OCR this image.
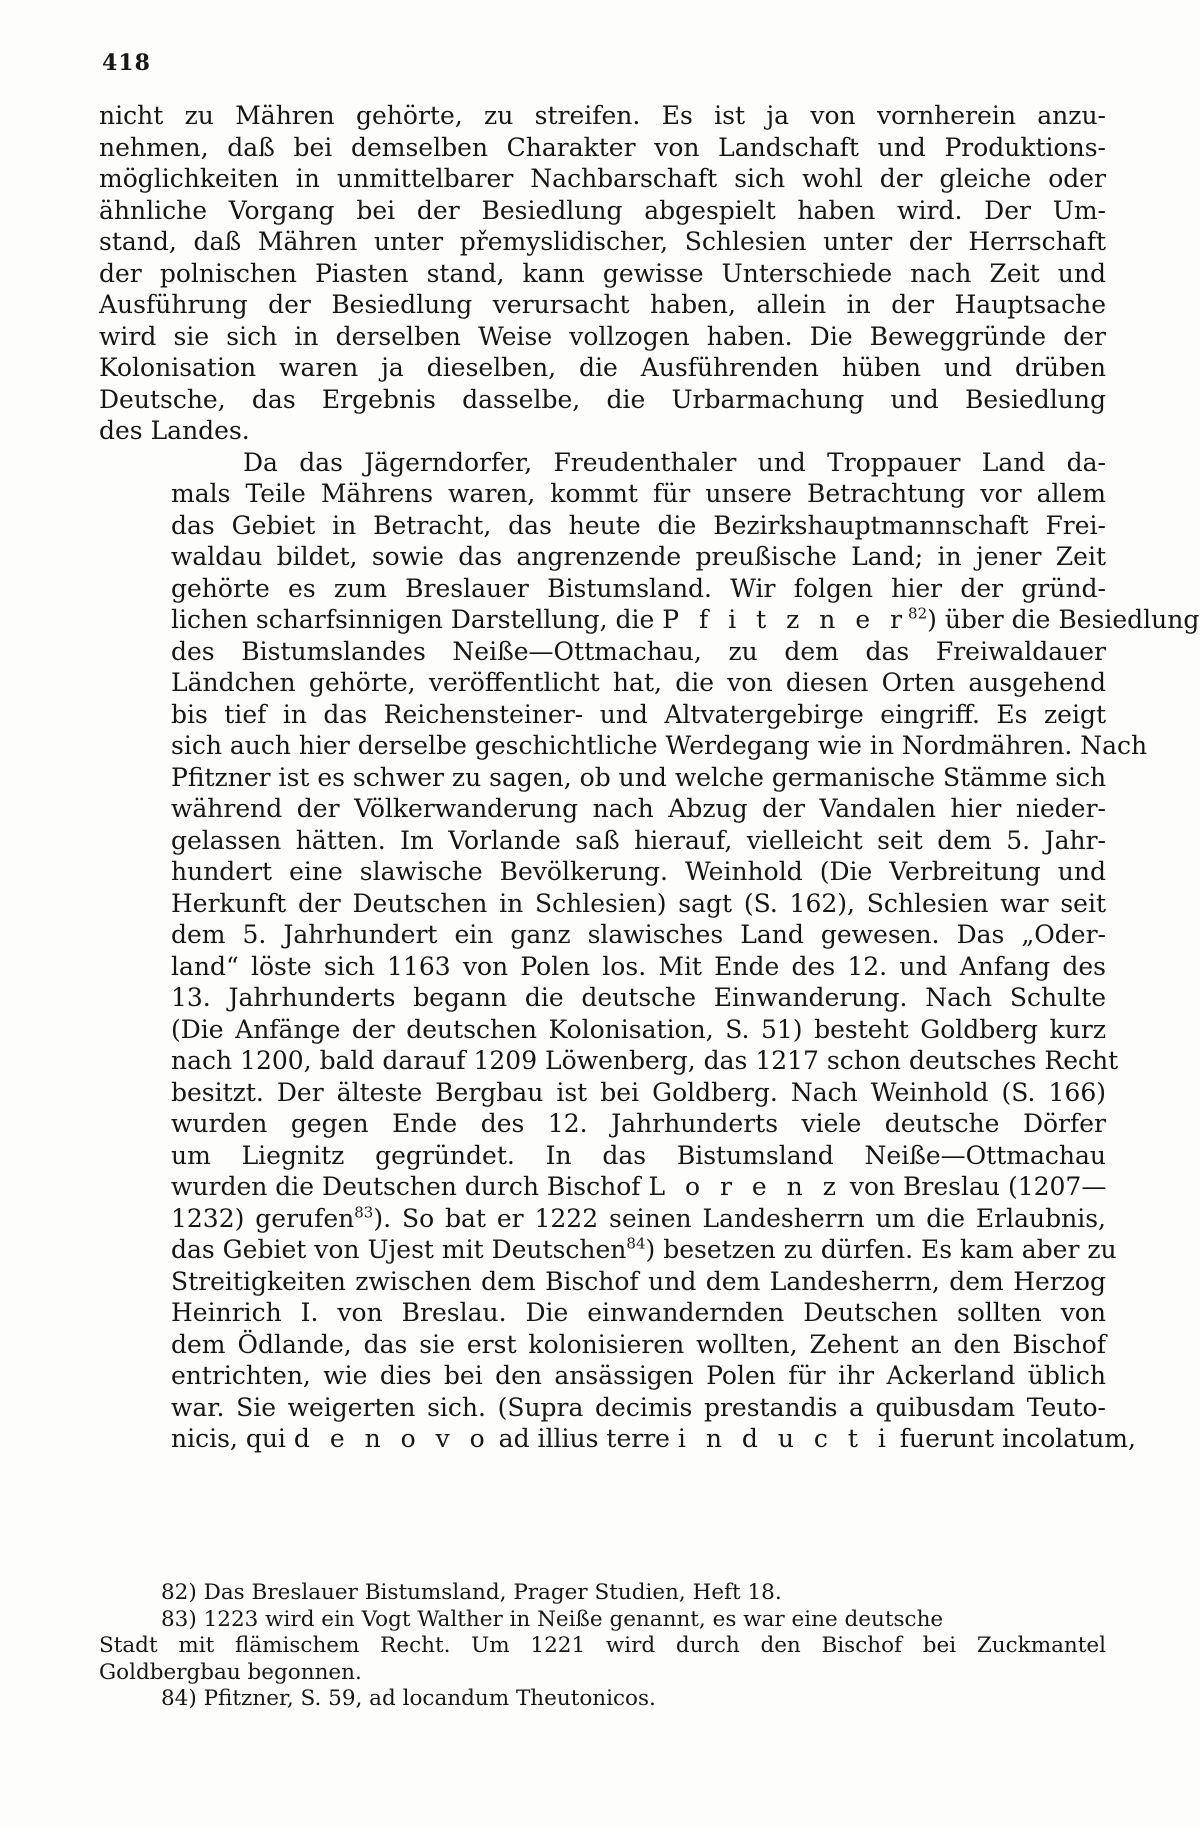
418

nicht zu Mähren gehörte, zu streifen. Es ist ja von vornherein anzu-
nehmen, daß bei demselben Charakter von Landschaft und Produktions-
möglichkeiten in unmittelbarer Nachbarschaft sich wohl der gleiche oder
ähnliche Vorgang bei der Besiedlung abgespielt haben wird. Der Um-
stand, daß Mähren unter přemyslidischer, Schlesien unter der Herrschaft
der polnischen Piasten stand, kann gewisse Unterschiede nach Zeit und
Ausführung der Besiedlung verursacht haben, allein in der Hauptsache
wird sie sich in derselben Weise vollzogen haben. Die Beweggründe der
Kolonisation waren ja dieselben, die Ausführenden hüben und drüben
Deutsche, das Ergebnis dasselbe, die Urbarmachung und Besiedlung
des Landes.

Da das Jägerndorfer, Freudenthaler und Troppauer Land da-
mals Teile Mährens waren, kommt für unsere Betrachtung vor allem
das Gebiet in Betracht, das heute die Bezirkshauptmannschaft Frei-
waldau bildet, sowie das angrenzende preußische Land; in jener Zeit
gehörte es zum Breslauer Bistumsland. Wir folgen hier der gründ-
lichen scharfsinnigen Darstellung, die P f i t z n e $r^{82}$) über die Besiedlung
des Bistumslandes Neiße—Ottmachau, zu dem das Freiwaldauer
Ländchen gehörte, veröffentlicht hat, die von diesen Orten ausgehend
bis tief in das Reichensteiner- und Altvatergebirge eingriff. Es zeigt
sich auch hier derselbe geschichtliche Werdegang wie in Nordmähren. Nach
Pfitzner ist es schwer zu sagen, ob und welche germanische Stämme sich
während der Völkerwanderung nach Abzug der Vandalen hier nieder-
gelassen hätten. Im Vorlande saß hierauf, vielleicht seit dem 5. Jahr-
hundert eine slawische Bevölkerung. Weinhold (Die Verbreitung und
Herkunft der Deutschen in Schlesien) sagt (S. 162), Schlesien war seit
dem 5. Jahrhundert ein ganz slawisches Land gewesen. Das „Oder-
land“ löste sich 1163 von Polen los. Mit Ende des 12. und Anfang des
13. Jahrhunderts begann die deutsche Einwanderung. Nach Schulte
(Die Anfänge der deutschen Kolonisation, S. 51) besteht Goldberg kurz
nach 1200, bald darauf 1209 Löwenberg, das 1217 schon deutsches Recht
besitzt. Der älteste Bergbau ist bei Goldberg. Nach Weinhold (S. 166)
wurden gegen Ende des 12. Jahrhunderts viele deutsche Dörfer
um Liegnitz gegründet. In das Bistumsland Neiße—Ottmachau
wurden die Deutschen durch Bischof L o r e n z von Breslau (1207—
1232) gerufen$^{83}$). So bat er 1222 seinen Landesherrn um die Erlaubnis,
das Gebiet von Ujest mit Deutschen$^{84}$) besetzen zu dürfen. Es kam aber zu
Streitigkeiten zwischen dem Bischof und dem Landesherrn, dem Herzog
Heinrich I. von Breslau. Die einwandernden Deutschen sollten von
dem Ödlande, das sie erst kolonisieren wollten, Zehent an den Bischof
entrichten, wie dies bei den ansässigen Polen für ihr Ackerland üblich
war. Sie weigerten sich. (Supra decimis prestandis a quibusdam Teuto-
nicis, qui d e n o v o ad illius terre i n d u c t i fuerunt incolatum,

82) Das Breslauer Bistumsland, Prager Studien, Heft 18.
83) 1223 wird ein Vogt Walther in Neiße genannt, es war eine deutsche
Stadt mit flämischem Recht. Um 1221 wird durch den Bischof bei Zuckmantel
Goldbergbau begonnen.
84) Pfitzner, S. 59, ad locandum Theutonicos.
